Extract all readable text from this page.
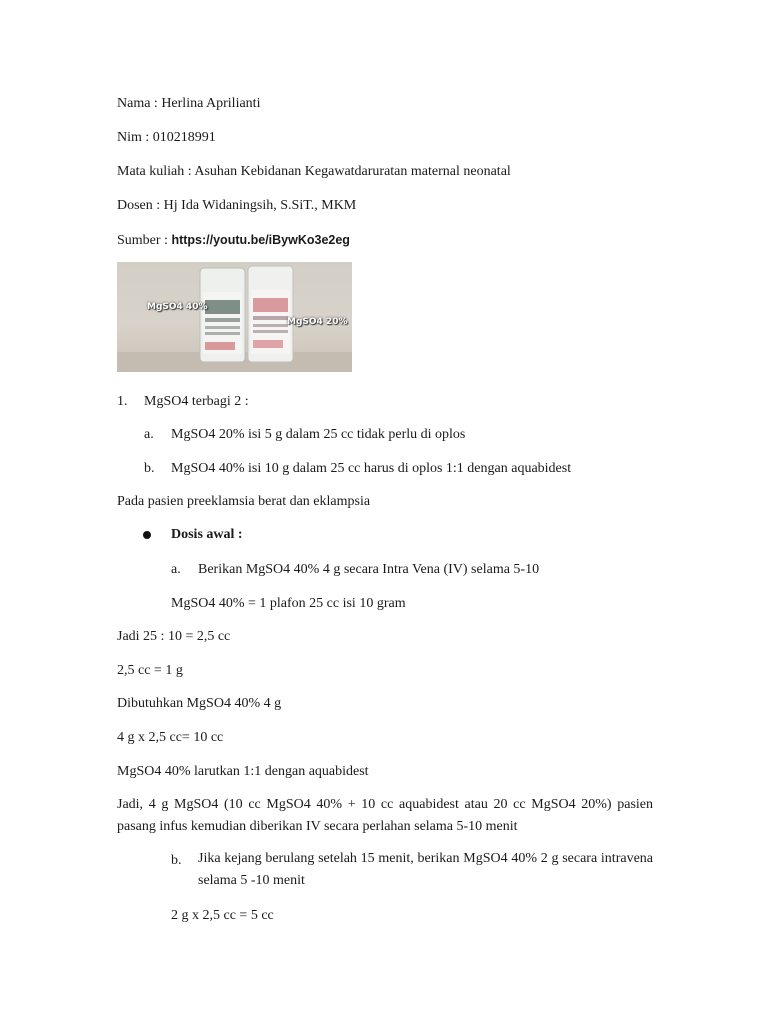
Nama : Herlina Aprilianti
Nim : 010218991
Mata kuliah : Asuhan Kebidanan Kegawatdaruratan maternal neonatal
Dosen : Hj Ida Widaningsih, S.SiT., MKM
Sumber : https://youtu.be/iBywKo3e2eg
MgSO4 40%
MgSO4 20%
1. MgSO4 terbagi 2 :
a. MgSO4 20% isi 5 g dalam 25 cc tidak perlu di oplos
b. MgSO4 40% isi 10 g dalam 25 cc harus di oplos 1:1 dengan aquabidest
Pada pasien preeklamsia berat dan eklampsia
Dosis awal :
a. Berikan MgSO4 40% 4 g secara Intra Vena (IV) selama 5-10
MgSO4 40% = 1 plafon 25 cc isi 10 gram
Jadi 25 : 10 = 2,5 cc
2,5 cc = 1 g
Dibutuhkan MgSO4 40% 4 g
4 g x 2,5 cc= 10 cc
MgSO4 40% larutkan 1:1 dengan aquabidest
Jadi, 4 g MgSO4 (10 cc MgSO4 40% + 10 cc aquabidest atau 20 cc MgSO4 20%) pasien pasang infus kemudian diberikan IV secara perlahan selama 5-10 menit
b. Jika kejang berulang setelah 15 menit, berikan MgSO4 40% 2 g secara intravena selama 5 -10 menit
2 g x 2,5 cc = 5 cc
